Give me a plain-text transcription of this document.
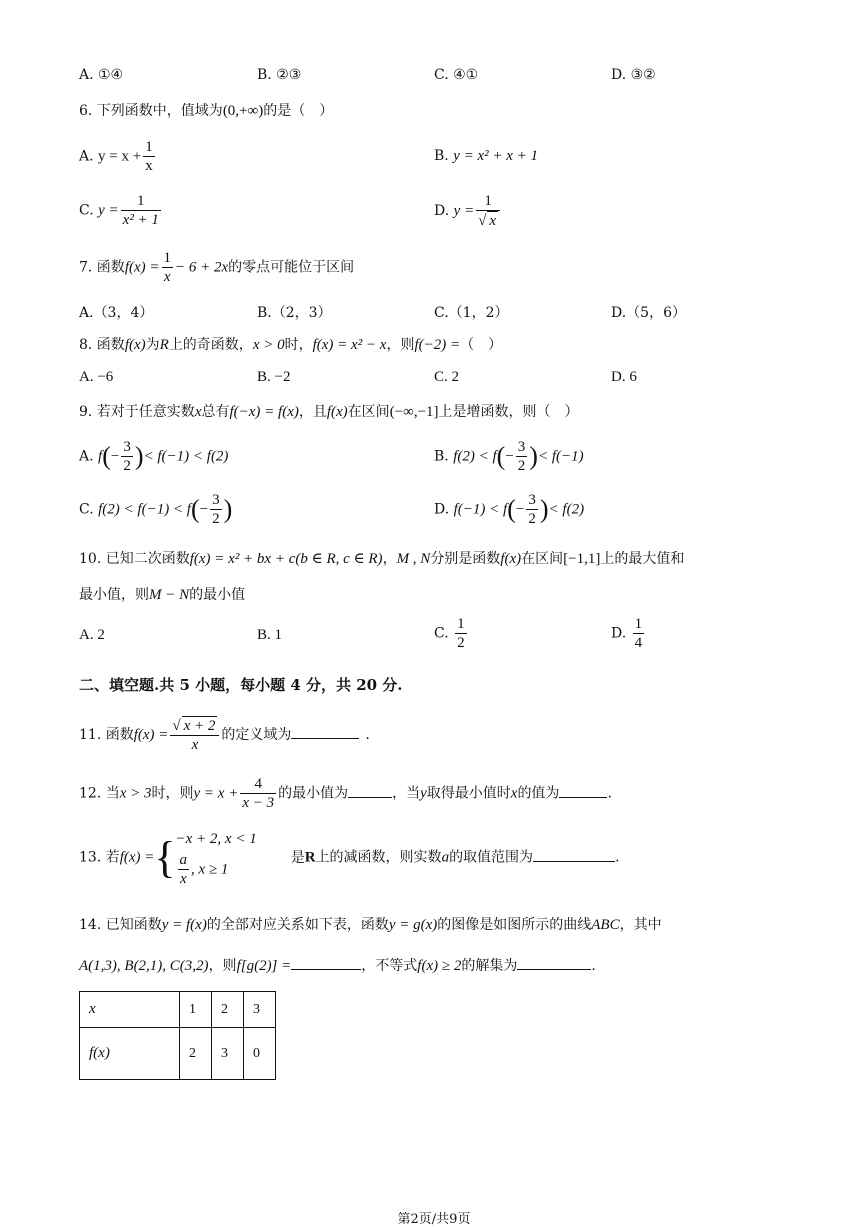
A. ①④	B. ②③	C. ④①	D. ③②
6. 下列函数中，值域为(0,+∞)的是（　）
A. $y = x + \frac{1}{x}$	B. y = x² + x + 1
C. $y = \frac{1}{\text{x² + 1}}$	D. $y = \frac{1}{√ x}$
7. 函数$f(x) = \frac{1}{x} - 6 + 2x$的零点可能位于区间
A.（3，4）	B.（2，3）	C.（1，2）	D.（5，6）
8. 函数f(x)为R上的奇函数，x > 0时，f(x) = x² − x，则f(−2) =（　）
A. −6	B. −2	C. 2	D. 6
9. 若对于任意实数x总有f(−x) = f(x)，且f(x)在区间(−∞,−1]上是增函数，则（　）
A. $f(- \frac{3}{2}$ )< f(−1) < f(2)	B. $f(2) < f(- \frac{3}{2}$ )< f(−1)
C. $f(2) < f(-1) < f(- \frac{3}{2}$ )	D. $f(-1) < f(- \frac{3}{2}$ )< f(2)
10. 已知二次函数f(x) = x² + bx + c(b ∈ R, c ∈ R)，M , N分别是函数f(x)在区间[−1,1]上的最大值和
最小值，则M − N的最小值
A. 2	B. 1	C. $\frac{1}{2}$	D. $\frac{1}{4}$
二、填空题.共 5 小题，每小题 4 分，共 20 分.
11. 函数$f(x) = \frac{√ x + 2}{x}$ 的定义域为	.
12. 当x > 3时，则$y = x + \frac{4}{x - 3}$ 的最小值为	，当y取得最小值时x的值为	.
13. 若f(x) ={ −x + 2, x < 1
$\frac{a}{x}$ , x ≥ 1
是R上的减函数，则实数a的取值范围为	.
14. 已知函数y = f(x)的全部对应关系如下表，函数y = g(x)的图像是如图所示的曲线ABC，其中
A(1,3), B(2,1), C(3,2)，则f[g(2)] =	，不等式f(x) ≥ 2的解集为	.
x	1	2	3
f(x)	2	3	0
第2页/共9页
